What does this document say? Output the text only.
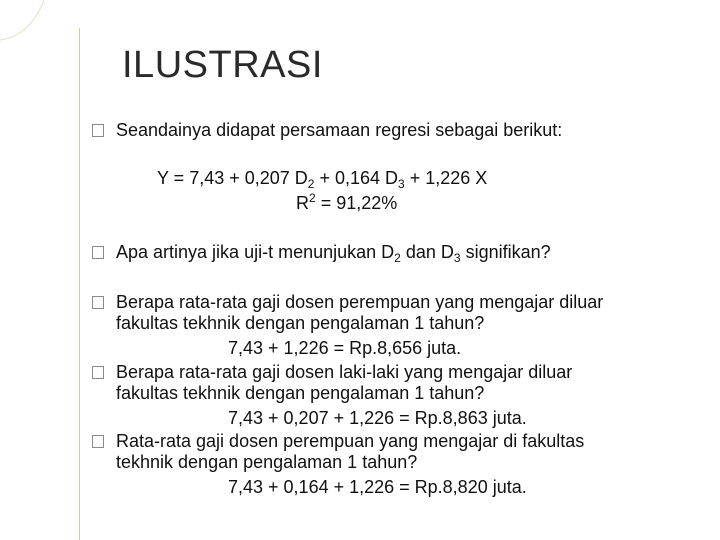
ILUSTRASI
Seandainya didapat persamaan regresi sebagai berikut:
Y = 7,43 + 0,207 $D_2 + 0,164$ $D_3 + 1,226$ X
$R^2 = 91,22\%$
Apa artinya jika uji-t menunjukan $D_2$ dan $D_3$ signifikan?
Berapa rata-rata gaji dosen perempuan yang mengajar diluar
fakultas tekhnik dengan pengalaman 1 tahun?
7,43 + 1,226 = Rp.8,656 juta.
Berapa rata-rata gaji dosen laki-laki yang mengajar diluar
fakultas tekhnik dengan pengalaman 1 tahun?
7,43 + 0,207 + 1,226 = Rp.8,863 juta.
Rata-rata gaji dosen perempuan yang mengajar di fakultas
tekhnik dengan pengalaman 1 tahun?
7,43 + 0,164 + 1,226 = Rp.8,820 juta.
